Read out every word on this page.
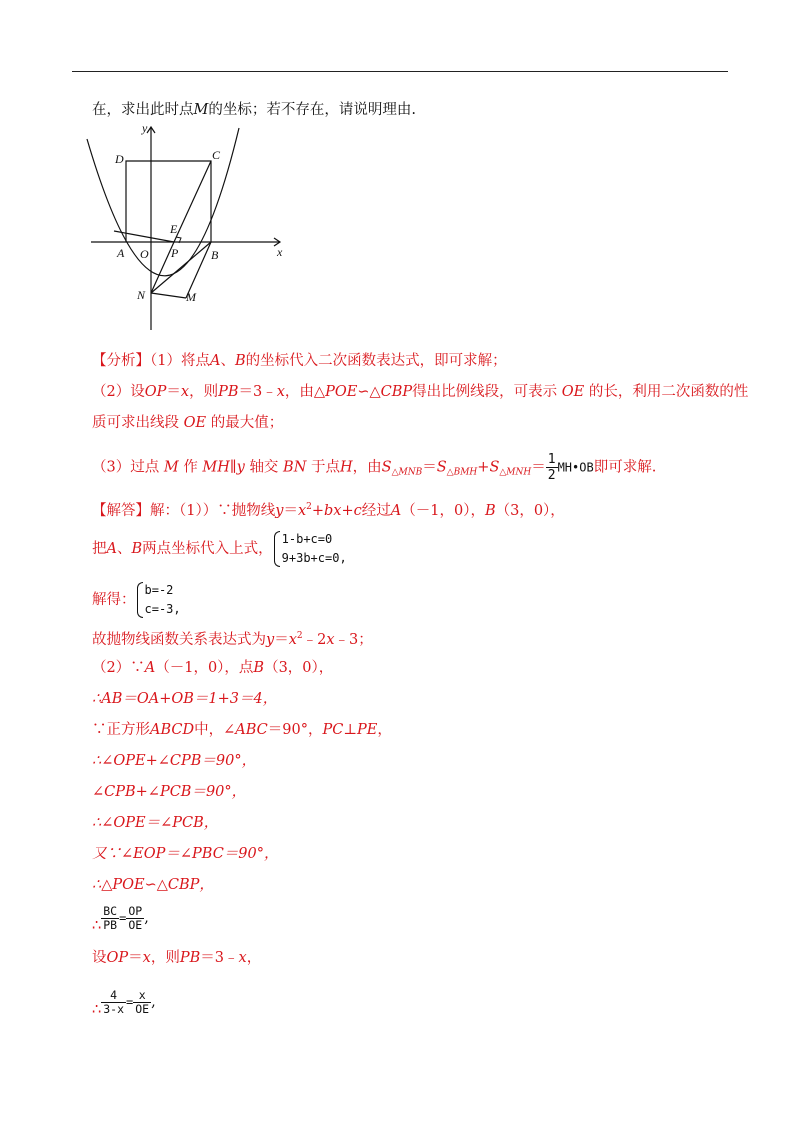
在，求出此时点M的坐标；若不存在，请说明理由.
y
x
D	C
E
A O P	B
N	M
【分析】（1）将点A、B的坐标代入二次函数表达式，即可求解；
（2）设OP＝x，则PB＝3﹣x，由△POE∽△CBP得出比例线段，可表示 OE 的长，利用二次函数的性
质可求出线段 OE 的最大值；
（3）过点 M 作 MH∥y 轴交 BN 于点H，由$S_{\triangle MNB}=S_{\triangle BMH}+S_{\triangle MNH}= \frac{1}{2}$ MH•OB即可求解.
【解答】解：（1））∵抛物线$y=x^2+bx+c$经过A（－1，0），B（3，0），
把A、B两点坐标代入上式，
1-b+c=0
9+3b+c=0,
解得：
b=-2
c=-3,
故抛物线函数关系表达式为$y=x^2﹣2x﹣3$；
（2）∵A（－1，0），点B（3，0），
∴AB＝OA+OB＝1+3＝4，
∵正方形ABCD中，∠ABC＝90°，PC⊥PE，
∴∠OPE+∠CPB＝90°，
∠CPB+∠PCB＝90°，
∴∠OPE＝∠PCB，
又∵∠EOP＝∠PBC＝90°，
∴△POE∽△CBP，
∴ $\frac{BC}{PB} = \frac{OP}{OE}$ ,
设OP＝x，则PB＝3﹣x，
∴ $\frac{4}{3-x} = \frac{x}{OE}$ ,
